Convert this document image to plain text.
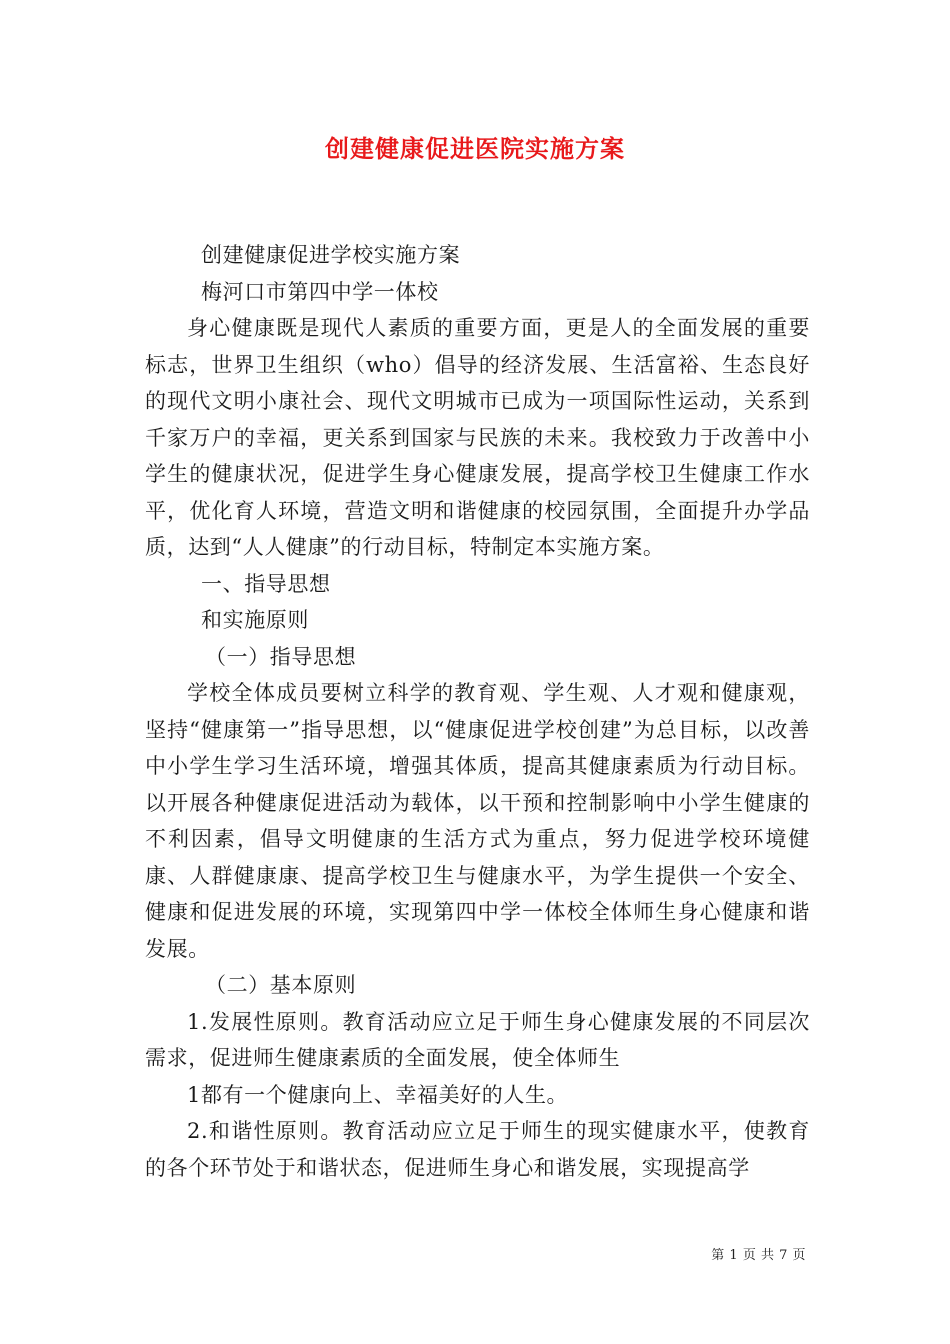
创建健康促进医院实施方案

创建健康促进学校实施方案

梅河口市第四中学一体校

身心健康既是现代人素质的重要方面，更是人的全面发展的重要标志，世界卫生组织（who）倡导的经济发展、生活富裕、生态良好的现代文明小康社会、现代文明城市已成为一项国际性运动，关系到千家万户的幸福，更关系到国家与民族的未来。我校致力于改善中小学生的健康状况，促进学生身心健康发展，提高学校卫生健康工作水平，优化育人环境，营造文明和谐健康的校园氛围，全面提升办学品质，达到“人人健康”的行动目标，特制定本实施方案。

一、指导思想

和实施原则

（一）指导思想

学校全体成员要树立科学的教育观、学生观、人才观和健康观，坚持“健康第一”指导思想，以“健康促进学校创建”为总目标，以改善中小学生学习生活环境，增强其体质，提高其健康素质为行动目标。以开展各种健康促进活动为载体，以干预和控制影响中小学生健康的不利因素，倡导文明健康的生活方式为重点，努力促进学校环境健康、人群健康康、提高学校卫生与健康水平，为学生提供一个安全、健康和促进发展的环境，实现第四中学一体校全体师生身心健康和谐发展。

（二）基本原则

1.发展性原则。教育活动应立足于师生身心健康发展的不同层次需求，促进师生健康素质的全面发展，使全体师生

1都有一个健康向上、幸福美好的人生。

2.和谐性原则。教育活动应立足于师生的现实健康水平，使教育的各个环节处于和谐状态，促进师生身心和谐发展，实现提高学

第 1 页 共 7 页
